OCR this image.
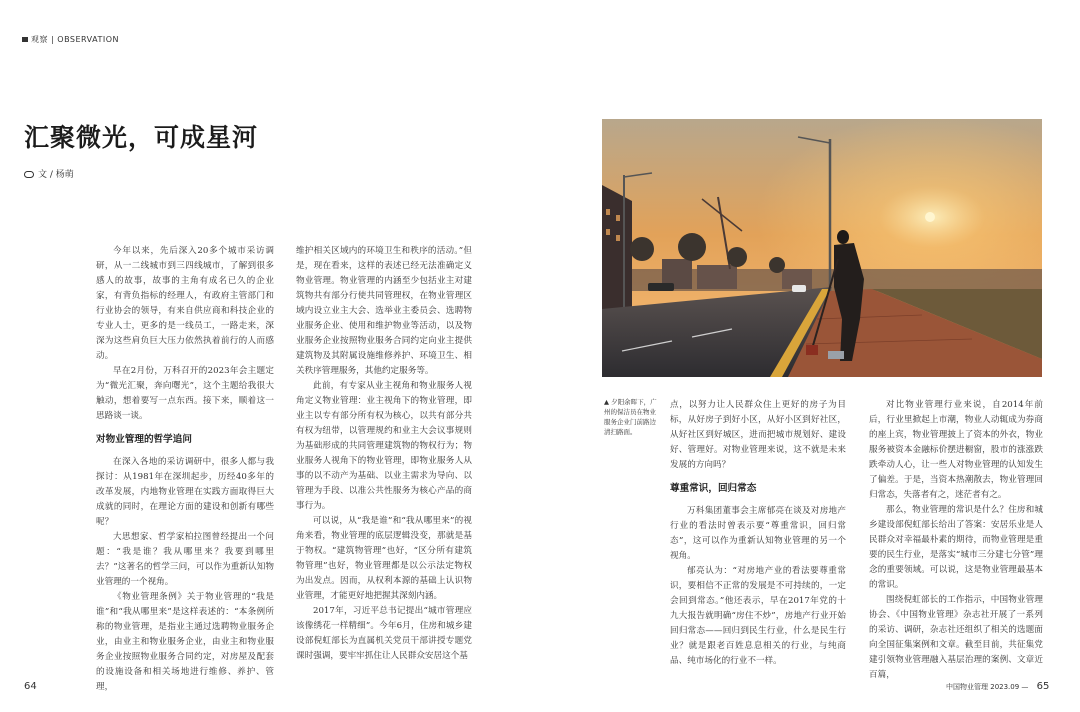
观察 | OBSERVATION
汇聚微光，可成星河
文 / 杨萌

今年以来，先后深入20多个城市采访调研，从一二线城市到三四线城市，了解到很多感人的故事，故事的主角有成名已久的企业家，有背负指标的经理人，有政府主管部门和行业协会的领导，有来自供应商和科技企业的专业人士，更多的是一线员工，一路走来，深深为这些肩负巨大压力依然执着前行的人而感动。

早在2月份，万科召开的2023年会主题定为“微光汇聚，奔向曙光”，这个主题给我很大触动，想着要写一点东西。接下来，顺着这一思路谈一谈。

对物业管理的哲学追问

在深入各地的采访调研中，很多人都与我探讨：从1981年在深圳起步，历经40多年的改革发展，内地物业管理在实践方面取得巨大成就的同时，在理论方面的建设和创新有哪些呢？

大思想家、哲学家柏拉图曾经提出一个问题：“我是谁？我从哪里来？我要到哪里去？”这著名的哲学三问，可以作为重新认知物业管理的一个视角。

《物业管理条例》关于物业管理的“我是谁”和“我从哪里来”是这样表述的：“本条例所称的物业管理，是指业主通过选聘物业服务企业，由业主和物业服务企业，由业主和物业服务企业按照物业服务合同约定，对房屋及配套的设施设备和相关场地进行维修、养护、管理，

维护相关区域内的环境卫生和秩序的活动。”但是，现在看来，这样的表述已经无法准确定义物业管理。物业管理的内涵至少包括业主对建筑物共有部分行使共同管理权，在物业管理区域内设立业主大会、选举业主委员会、选聘物业服务企业、使用和维护物业等活动，以及物业服务企业按照物业服务合同约定向业主提供建筑物及其附属设施维修养护、环境卫生、相关秩序管理服务，其他约定服务等。

此前，有专家从业主视角和物业服务人视角定义物业管理：业主视角下的物业管理，即业主以专有部分所有权为核心，以共有部分共有权为纽带，以管理规约和业主大会议事规则为基础形成的共同管理建筑物的物权行为；物业服务人视角下的物业管理，即物业服务人从事的以不动产为基础、以业主需求为导向、以管理为手段、以准公共性服务为核心产品的商事行为。

可以说，从“我是谁”和“我从哪里来”的视角来看，物业管理的底层逻辑没变，那就是基于物权。“建筑物管理”也好，“区分所有建筑物管理”也好，物业管理都是以公示法定物权为出发点。因而，从权利本源的基础上认识物业管理，才能更好地把握其深刻内涵。

2017年，习近平总书记提出“城市管理应该像绣花一样精细”。今年6月，住房和城乡建设部倪虹部长为直属机关党员干部讲授专题党课时强调，要牢牢抓住让人民群众安居这个基

▲ 夕阳余晖下，广州的保洁员在物业服务企业门前路边清扫路面。

点，以努力让人民群众住上更好的房子为目标，从好房子到好小区，从好小区到好社区，从好社区到好城区，进而把城市规划好、建设好、管理好。对物业管理来说，这不就是未来发展的方向吗？

尊重常识，回归常态

万科集团董事会主席郁亮在谈及对房地产行业的看法时曾表示要“尊重常识，回归常态”，这可以作为重新认知物业管理的另一个视角。

郁亮认为：“对房地产业的看法要尊重常识，要相信不正常的发展是不可持续的，一定会回到常态。”他还表示，早在2017年党的十九大报告就明确“房住不炒”，房地产行业开始回归常态——回归到民生行业，什么是民生行业？就是跟老百姓息息相关的行业，与纯商品、纯市场化的行业不一样。

对比物业管理行业来说，自2014年前后，行业里掀起上市潮，物业人动辄成为券商的座上宾，物业管理披上了资本的外衣，物业服务被资本金融标价摆进橱窗，股市的涨涨跌跌牵动人心，让一些人对物业管理的认知发生了偏差。于是，当资本热潮散去，物业管理回归常态，失落者有之，迷茫者有之。

那么，物业管理的常识是什么？住房和城乡建设部倪虹部长给出了答案：安居乐业是人民群众对幸福最朴素的期待，而物业管理是重要的民生行业，是落实“城市三分建七分管”理念的重要领域。可以说，这是物业管理最基本的常识。

围绕倪虹部长的工作指示，中国物业管理协会、《中国物业管理》杂志社开展了一系列的采访、调研，杂志社还组织了相关的选题面向全国征集案例和文章。截至目前，共征集党建引领物业管理融入基层治理的案例、文章近百篇，

64	中国物业管理 2023.09 — 65
